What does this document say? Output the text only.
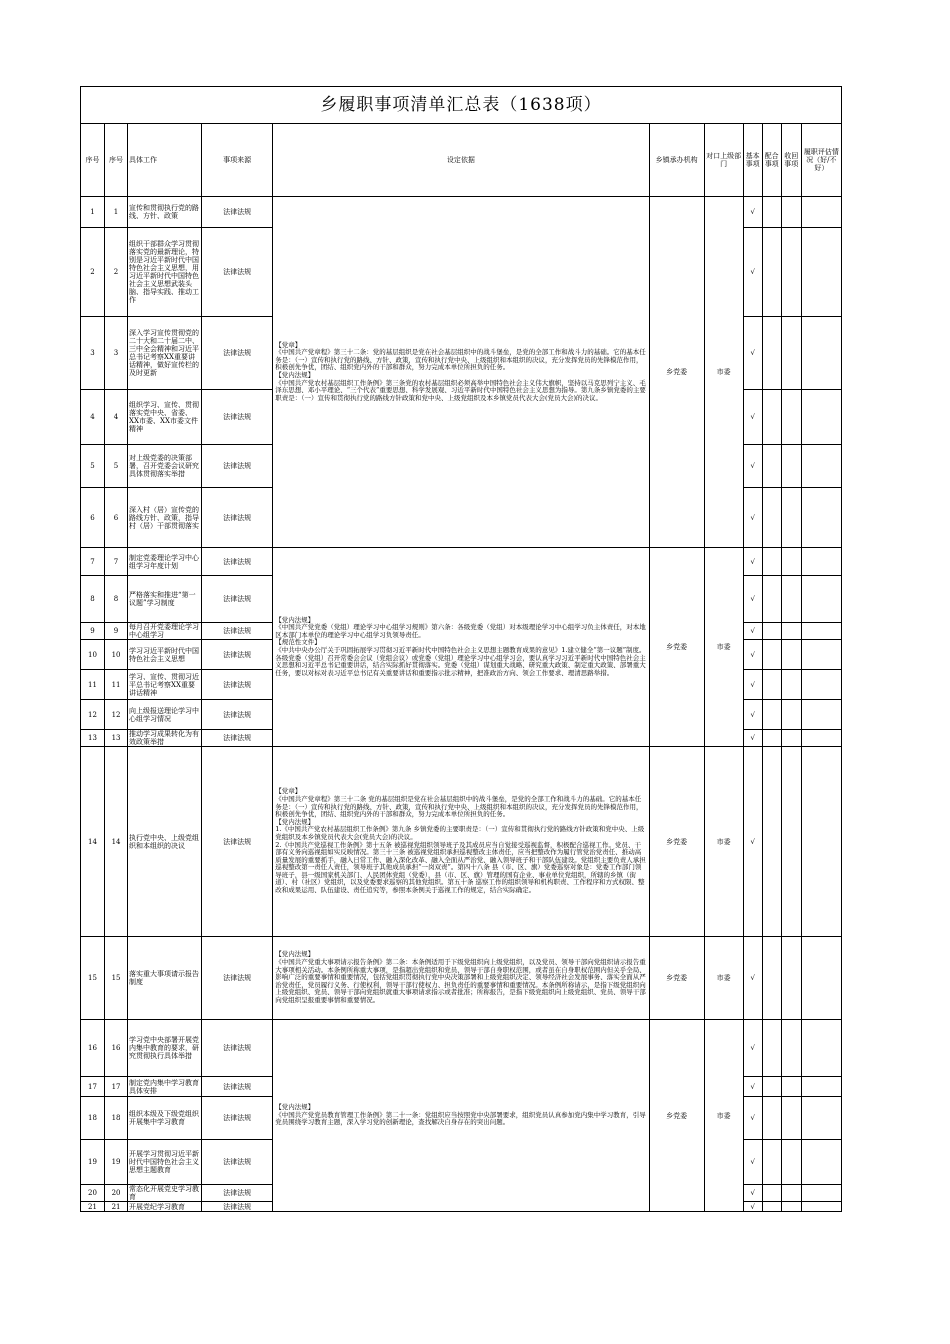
乡履职事项清单汇总表（1638项）										
序号	序号	具体工作	事项来源	设定依据	乡镇承办机构	对口上级部门	基本事项	配合事项	收回事项	履职评估情况（好/不好）
1	1	宣传和贯彻执行党的路线、方针、政策	法律法规	【党章】
《中国共产党章程》第三十二条：党的基层组织是党在社会基层组织中的战斗堡垒，是党的全部工作和战斗力的基础。它的基本任务是：（一）宣传和执行党的路线、方针、政策，宣传和执行党中央、上级组织和本组织的决议，充分发挥党员的先锋模范作用，积极创先争优，团结、组织党内外的干部和群众，努力完成本单位所担负的任务。
【党内法规】
《中国共产党农村基层组织工作条例》第三条党的农村基层组织必须高举中国特色社会主义伟大旗帜，坚持以马克思列宁主义、毛泽东思想、邓小平理论、“三个代表”重要思想、科学发展观、习近平新时代中国特色社会主义思想为指导。第九条乡镇党委的主要职责是：（一）宣传和贯彻执行党的路线方针政策和党中央、上级党组织及本乡镇党员代表大会(党员大会)的决议。	乡党委	市委	√			
2	2	组织干部群众学习贯彻落实党的最新理论，特别是习近平新时代中国特色社会主义思想，用习近平新时代中国特色社会主义思想武装头脑、指导实践、推动工作	法律法规				√			
3	3	深入学习宣传贯彻党的二十大和二十届二中、三中全会精神和习近平总书记考察XX重要讲话精神，做好宣传栏的及时更新	法律法规				√			
4	4	组织学习、宣传、贯彻落实党中央、省委、XX市委、XX市委文件精神	法律法规				√			
5	5	对上级党委的决策部署，召开党委会议研究具体贯彻落实举措	法律法规				√			
6	6	深入村（居）宣传党的路线方针、政策，指导村（居）干部贯彻落实	法律法规				√			
7	7	制定党委理论学习中心组学习年度计划	法律法规	【党内法规】
《中国共产党党委（党组）理论学习中心组学习规则》第六条：各级党委（党组）对本级理论学习中心组学习负主体责任，对本地区本部门本单位的理论学习中心组学习负领导责任。
【规范性文件】
《中共中央办公厅关于巩固拓展学习贯彻习近平新时代中国特色社会主义思想主题教育成果的意见》1.建立健全“第一议题”制度。各级党委（党组）召开常委会会议（党组会议）或党委（党组）理论学习中心组学习会，要认真学习习近平新时代中国特色社会主义思想和习近平总书记重要讲话，结合实际抓好贯彻落实。党委（党组）谋划重大战略、研究重大政策、制定重大政策、部署重大任务，要以对标对表习近平总书记有关重要讲话和重要指示批示精神，把准政治方向、领会工作要求、理清思路举措。	乡党委	市委	√			
8	8	严格落实和推进“第一议题”学习制度	法律法规				√			
9	9	每月召开党委理论学习中心组学习	法律法规				√			
10	10	学习习近平新时代中国特色社会主义思想	法律法规				√			
11	11	学习、宣传、贯彻习近平总书记考察XX重要讲话精神	法律法规				√			
12	12	向上级报送理论学习中心组学习情况	法律法规				√			
13	13	推动学习成果转化为有效政策举措	法律法规				√			
14	14	执行党中央、上级党组织和本组织的决议	法律法规	【党章】
《中国共产党章程》第三十二条 党的基层组织是党在社会基层组织中的战斗堡垒，是党的全部工作和战斗力的基础。它的基本任务是：（一）宣传和执行党的路线、方针、政策，宣传和执行党中央、上级组织和本组织的决议，充分发挥党员的先锋模范作用，积极创先争优，团结、组织党内外的干部和群众，努力完成本单位所担负的任务。
【党内法规】
1.《中国共产党农村基层组织工作条例》第九条 乡镇党委的主要职责是：（一）宣传和贯彻执行党的路线方针政策和党中央、上级党组织及本乡镇党员代表大会(党员大会)的决议。
2.《中国共产党巡视工作条例》第十五条 被巡视党组织领导班子及其成员应当自觉接受巡视监督，积极配合巡视工作。党员、干部有义务向巡视组如实反映情况。第三十三条 被巡视党组织承担巡视整改主体责任，应当把整改作为履行管党治党责任、推动高质量发展的重要抓手，融入日常工作、融入深化改革、融入全面从严治党、融入领导班子和干部队伍建设。党组织主要负责人承担巡视整改第一责任人责任，领导班子其他成员承担“一岗双责”。第四十八条 县（市、区、旗）党委巡察对象是：党委工作部门领导班子，县一级国家机关部门、人民团体党组（党委），县（市、区、旗）管理的国有企业、事业单位党组织，所辖的乡镇（街道）、村（社区）党组织，以及党委要求巡察的其他党组织。第五十条 巡察工作的组织领导和机构职责、工作程序和方式权限、整改和成果运用、队伍建设、责任追究等，参照本条例关于巡视工作的规定，结合实际确定。	乡党委	市委	√			
15	15	落实重大事项请示报告制度	法律法规	【党内法规】
《中国共产党重大事项请示报告条例》第二条：本条例适用于下级党组织向上级党组织，以及党员、领导干部向党组织请示报告重大事项相关活动。本条例所称重大事项，是指超出党组织和党员、领导干部自身职权范围，或者虽在自身职权范围内但关乎全局、影响广泛的重要事情和重要情况，包括党组织贯彻执行党中央决策部署和上级党组织决定、领导经济社会发展事务、落实全面从严治党责任，党员履行义务、行使权利，领导干部行使权力、担负责任的重要事情和重要情况。本条例所称请示，是指下级党组织向上级党组织、党员、领导干部向党组织就重大事项请求指示或者批准；所称报告，是指下级党组织向上级党组织、党员、领导干部向党组织呈报重要事情和重要情况。	乡党委	市委	√			
16	16	学习党中央部署开展党内集中教育的要求，研究贯彻执行具体举措	法律法规	【党内法规】
《中国共产党党员教育管理工作条例》第二十一条：党组织应当按照党中央部署要求，组织党员认真参加党内集中学习教育，引导党员围绕学习教育主题，深入学习党的创新理论，查找解决自身存在的突出问题。	乡党委	市委	√			
17	17	制定党内集中学习教育具体安排	法律法规				√			
18	18	组织本级及下级党组织开展集中学习教育	法律法规				√			
19	19	开展学习贯彻习近平新时代中国特色社会主义思想主题教育	法律法规				√			
20	20	常态化开展党史学习教育	法律法规				√			
21	21	开展党纪学习教育	法律法规				√			
